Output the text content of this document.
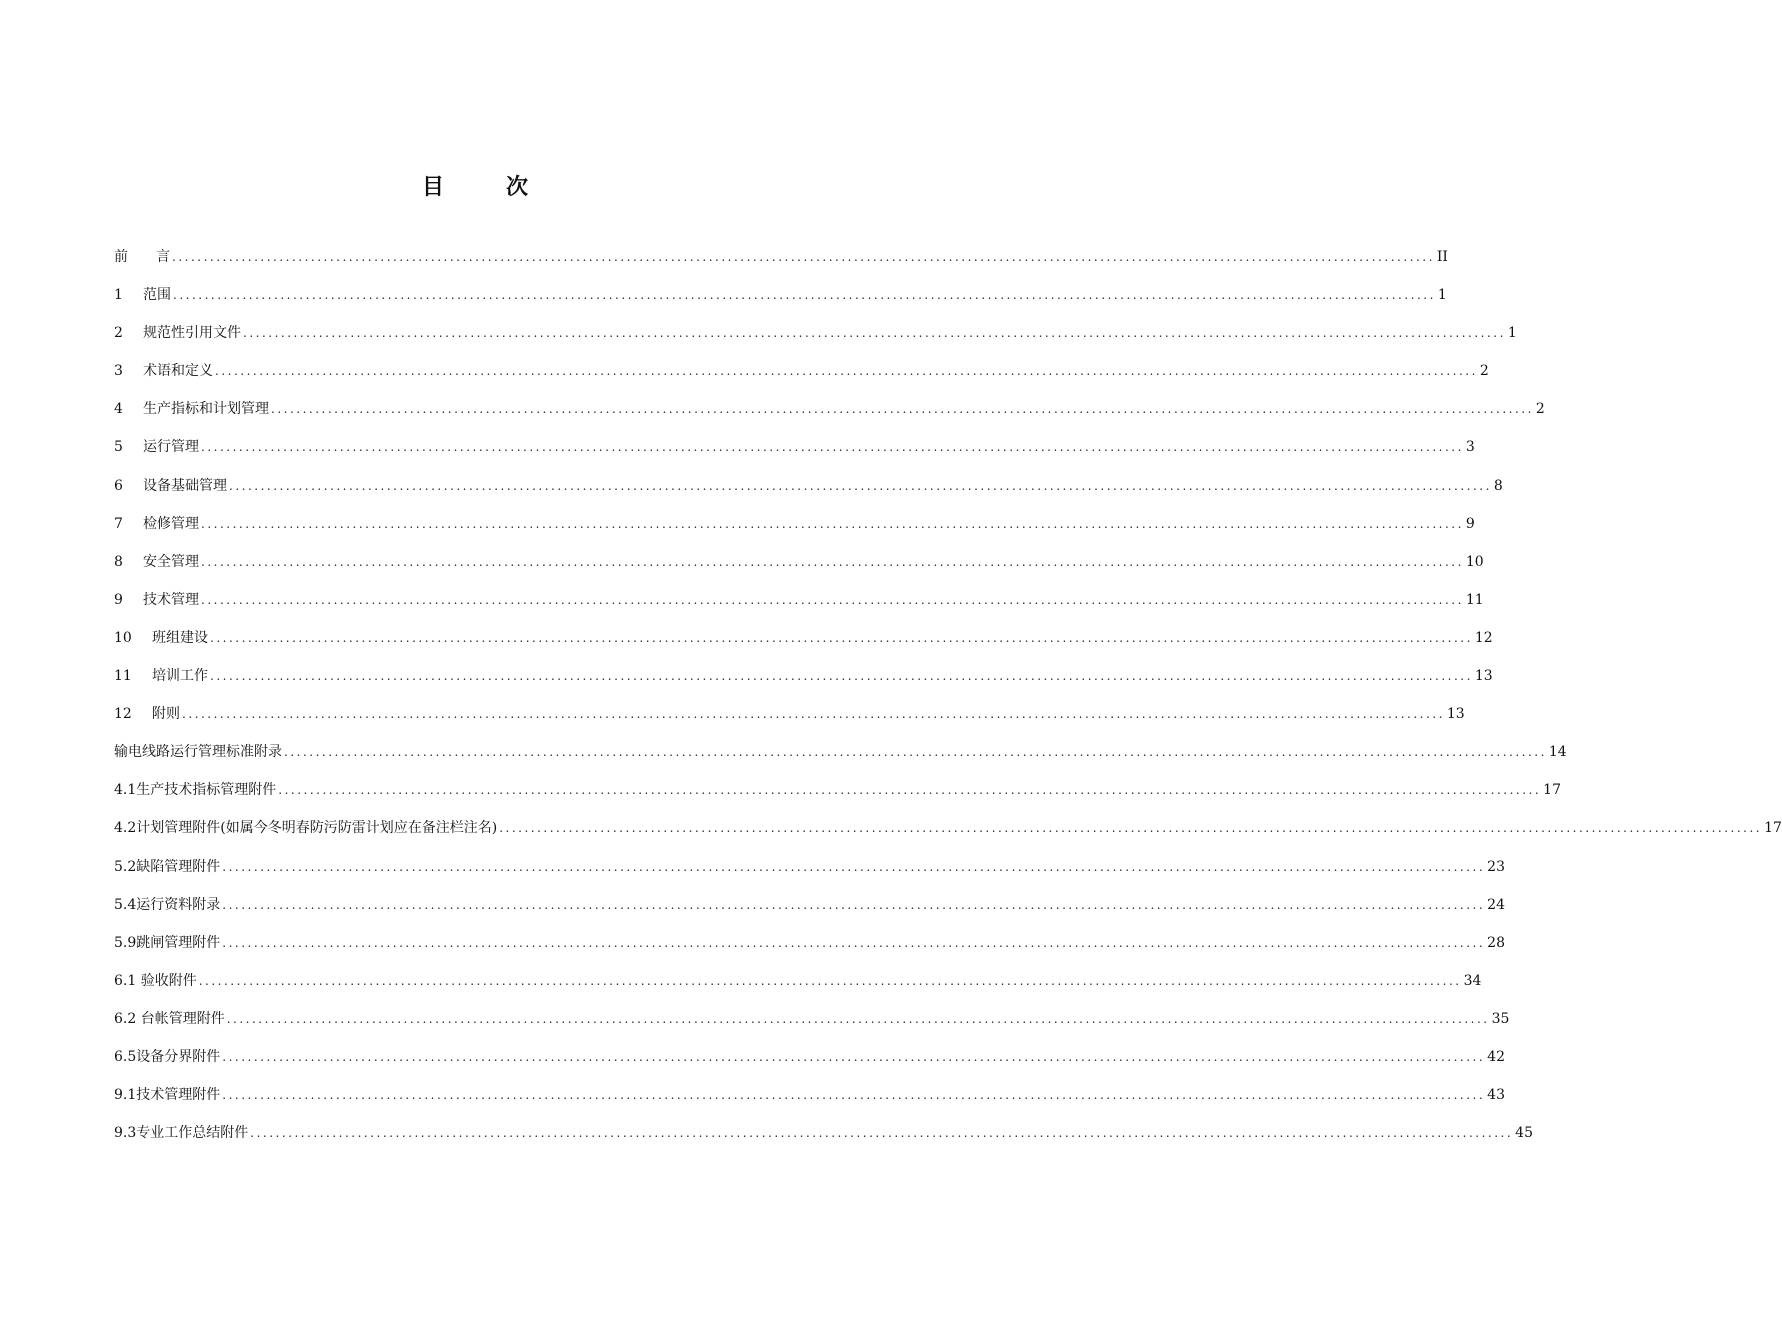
目次
前　　言 ........................................................................................................................................................................................................ II
1	范围 ........................................................................................................................................................................................................ 1
2	规范性引用文件 ........................................................................................................................................................................................................ 1
3	术语和定义 ........................................................................................................................................................................................................ 2
4	生产指标和计划管理 ........................................................................................................................................................................................................ 2
5	运行管理 ........................................................................................................................................................................................................ 3
6	设备基础管理 ........................................................................................................................................................................................................ 8
7	检修管理 ........................................................................................................................................................................................................ 9
8	安全管理 ........................................................................................................................................................................................................ 10
9	技术管理 ........................................................................................................................................................................................................ 11
10	班组建设 ........................................................................................................................................................................................................ 12
11	培训工作 ........................................................................................................................................................................................................ 13
12	附则 ........................................................................................................................................................................................................ 13
输电线路运行管理标准附录 ........................................................................................................................................................................................................ 14
4.1生产技术指标管理附件 ........................................................................................................................................................................................................ 17
4.2计划管理附件(如属今冬明春防污防雷计划应在备注栏注名) ........................................................................................................................................................................................................ 17
5.2缺陷管理附件 ........................................................................................................................................................................................................ 23
5.4运行资料附录 ........................................................................................................................................................................................................ 24
5.9跳闸管理附件 ........................................................................................................................................................................................................ 28
6.1 验收附件 ........................................................................................................................................................................................................ 34
6.2 台帐管理附件 ........................................................................................................................................................................................................ 35
6.5设备分界附件 ........................................................................................................................................................................................................ 42
9.1技术管理附件 ........................................................................................................................................................................................................ 43
9.3专业工作总结附件 ........................................................................................................................................................................................................ 45
